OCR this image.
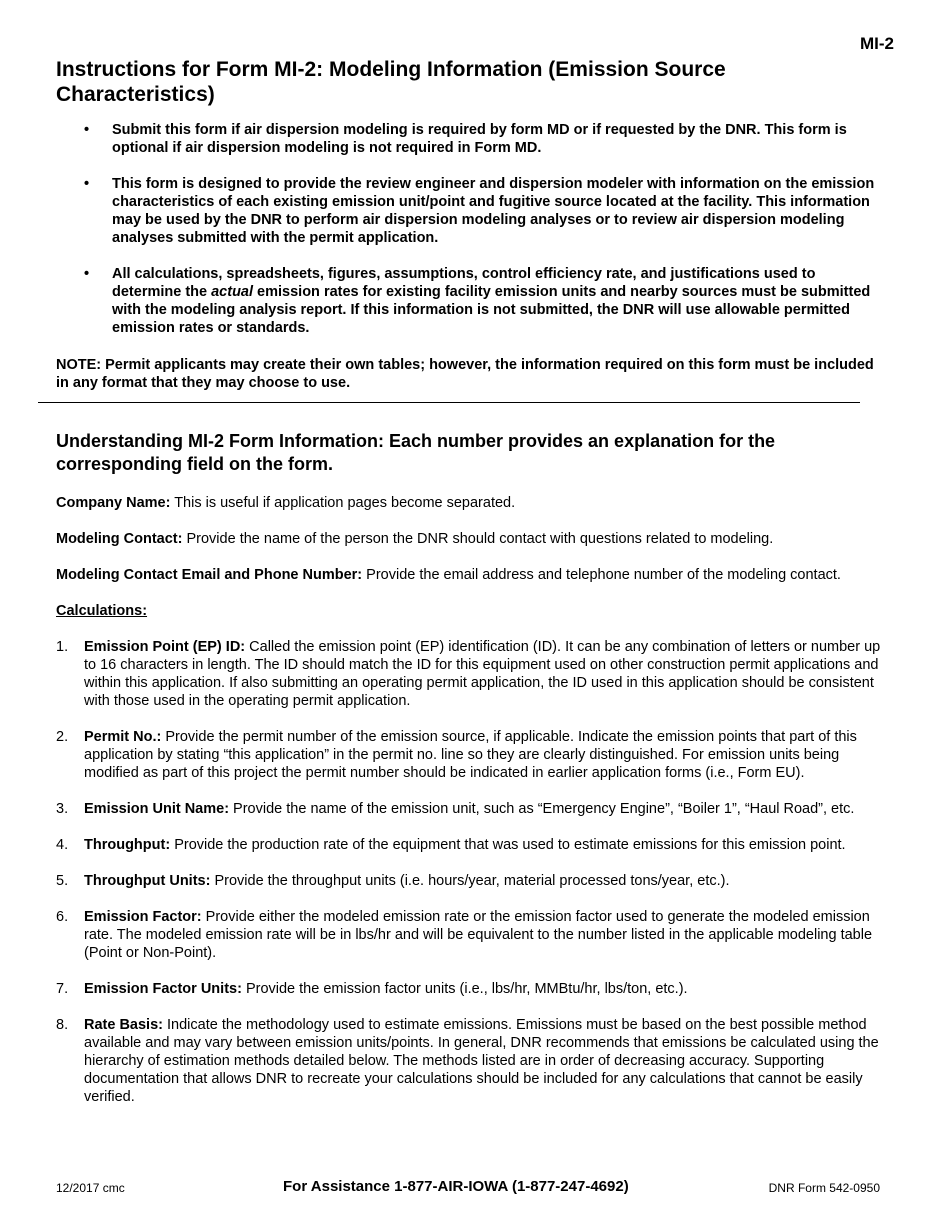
MI-2
Instructions for Form MI-2: Modeling Information (Emission Source Characteristics)
• Submit this form if air dispersion modeling is required by form MD or if requested by the DNR. This form is optional if air dispersion modeling is not required in Form MD.
• This form is designed to provide the review engineer and dispersion modeler with information on the emission characteristics of each existing emission unit/point and fugitive source located at the facility. This information may be used by the DNR to perform air dispersion modeling analyses or to review air dispersion modeling analyses submitted with the permit application.
• All calculations, spreadsheets, figures, assumptions, control efficiency rate, and justifications used to determine the actual emission rates for existing facility emission units and nearby sources must be submitted with the modeling analysis report. If this information is not submitted, the DNR will use allowable permitted emission rates or standards.
NOTE: Permit applicants may create their own tables; however, the information required on this form must be included in any format that they may choose to use.
Understanding MI-2 Form Information: Each number provides an explanation for the corresponding field on the form.

Company Name: This is useful if application pages become separated.

Modeling Contact: Provide the name of the person the DNR should contact with questions related to modeling.

Modeling Contact Email and Phone Number: Provide the email address and telephone number of the modeling contact.

Calculations:

1. Emission Point (EP) ID: Called the emission point (EP) identification (ID). It can be any combination of letters or number up to 16 characters in length. The ID should match the ID for this equipment used on other construction permit applications and within this application. If also submitting an operating permit application, the ID used in this application should be consistent with those used in the operating permit application.
2. Permit No.: Provide the permit number of the emission source, if applicable. Indicate the emission points that part of this application by stating “this application” in the permit no. line so they are clearly distinguished. For emission units being modified as part of this project the permit number should be indicated in earlier application forms (i.e., Form EU).
3. Emission Unit Name: Provide the name of the emission unit, such as “Emergency Engine”, “Boiler 1”, “Haul Road”, etc.
4. Throughput: Provide the production rate of the equipment that was used to estimate emissions for this emission point.
5. Throughput Units: Provide the throughput units (i.e. hours/year, material processed tons/year, etc.).
6. Emission Factor: Provide either the modeled emission rate or the emission factor used to generate the modeled emission rate. The modeled emission rate will be in lbs/hr and will be equivalent to the number listed in the applicable modeling table (Point or Non-Point).
7. Emission Factor Units: Provide the emission factor units (i.e., lbs/hr, MMBtu/hr, lbs/ton, etc.).
8. Rate Basis: Indicate the methodology used to estimate emissions. Emissions must be based on the best possible method available and may vary between emission units/points. In general, DNR recommends that emissions be calculated using the hierarchy of estimation methods detailed below. The methods listed are in order of decreasing accuracy. Supporting documentation that allows DNR to recreate your calculations should be included for any calculations that cannot be easily verified.
12/2017 cmc	For Assistance 1-877-AIR-IOWA (1-877-247-4692)	DNR Form 542-0950
